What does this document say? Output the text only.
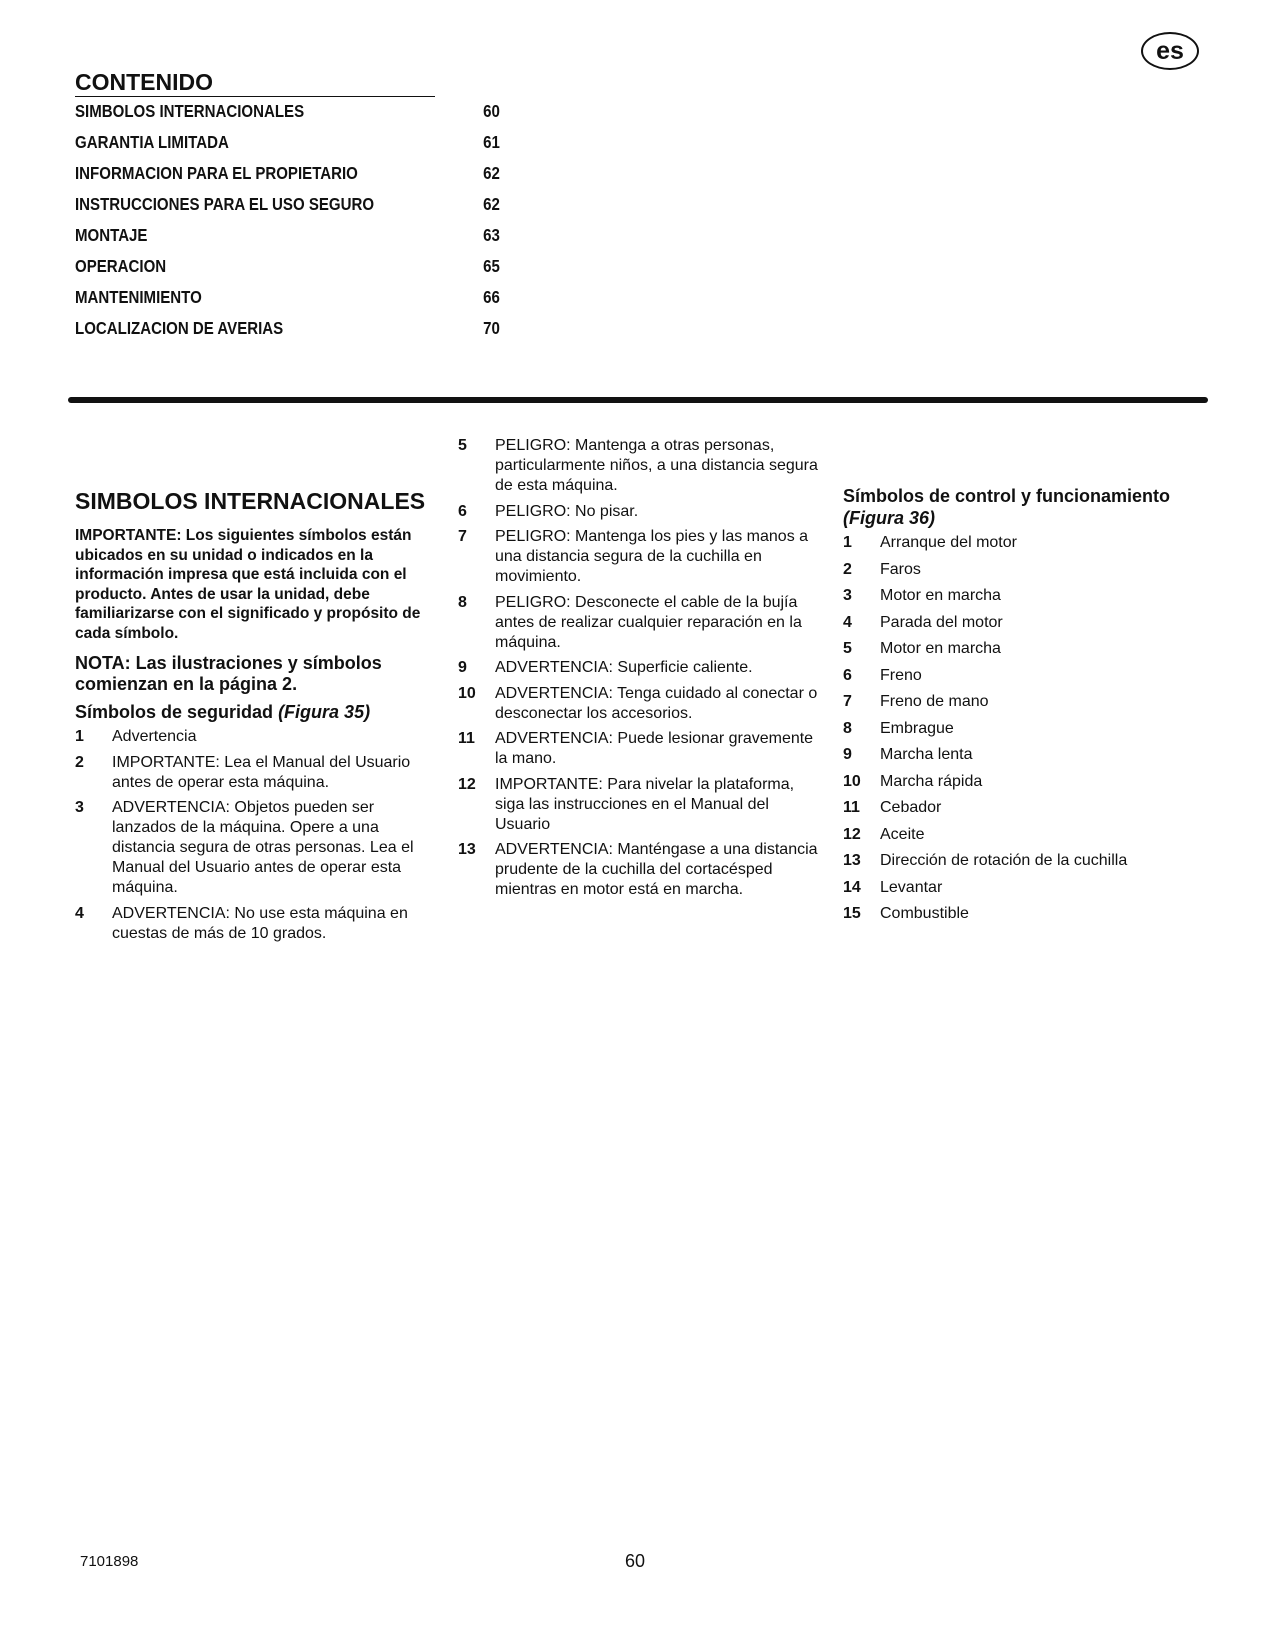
es
CONTENIDO
SIMBOLOS INTERNACIONALES	60
GARANTIA LIMITADA	61
INFORMACION PARA EL PROPIETARIO	62
INSTRUCCIONES PARA EL USO SEGURO	62
MONTAJE	63
OPERACION	65
MANTENIMIENTO	66
LOCALIZACION DE AVERIAS	70
SIMBOLOS INTERNACIONALES

IMPORTANTE: Los siguientes símbolos están ubicados en su unidad o indicados en la información impresa que está incluida con el producto. Antes de usar la unidad, debe familiarizarse con el significado y propósito de cada símbolo.

NOTA: Las ilustraciones y símbolos comienzan en la página 2.

Símbolos de seguridad (Figura 35)

1	Advertencia
2	IMPORTANTE: Lea el Manual del Usuario antes de operar esta máquina.
3	ADVERTENCIA: Objetos pueden ser lanzados de la máquina. Opere a una distancia segura de otras personas. Lea el Manual del Usuario antes de operar esta máquina.
4	ADVERTENCIA: No use esta máquina en cuestas de más de 10 grados.
5	PELIGRO: Mantenga a otras personas, particularmente niños, a una distancia segura de esta máquina.
6	PELIGRO: No pisar.
7	PELIGRO: Mantenga los pies y las manos a una distancia segura de la cuchilla en movimiento.
8	PELIGRO: Desconecte el cable de la bujía antes de realizar cualquier reparación en la máquina.
9	ADVERTENCIA: Superficie caliente.
10	ADVERTENCIA: Tenga cuidado al conectar o desconectar los accesorios.
11	ADVERTENCIA: Puede lesionar gravemente la mano.
12	IMPORTANTE: Para nivelar la plataforma, siga las instrucciones en el Manual del Usuario
13	ADVERTENCIA: Manténgase a una distancia prudente de la cuchilla del cortacésped mientras en motor está en marcha.
Símbolos de control y funcionamiento
(Figura 36)
1	Arranque del motor
2	Faros
3	Motor en marcha
4	Parada del motor
5	Motor en marcha
6	Freno
7	Freno de mano
8	Embrague
9	Marcha lenta
10	Marcha rápida
11	Cebador
12	Aceite
13	Dirección de rotación de la cuchilla
14	Levantar
15	Combustible
7101898	60
